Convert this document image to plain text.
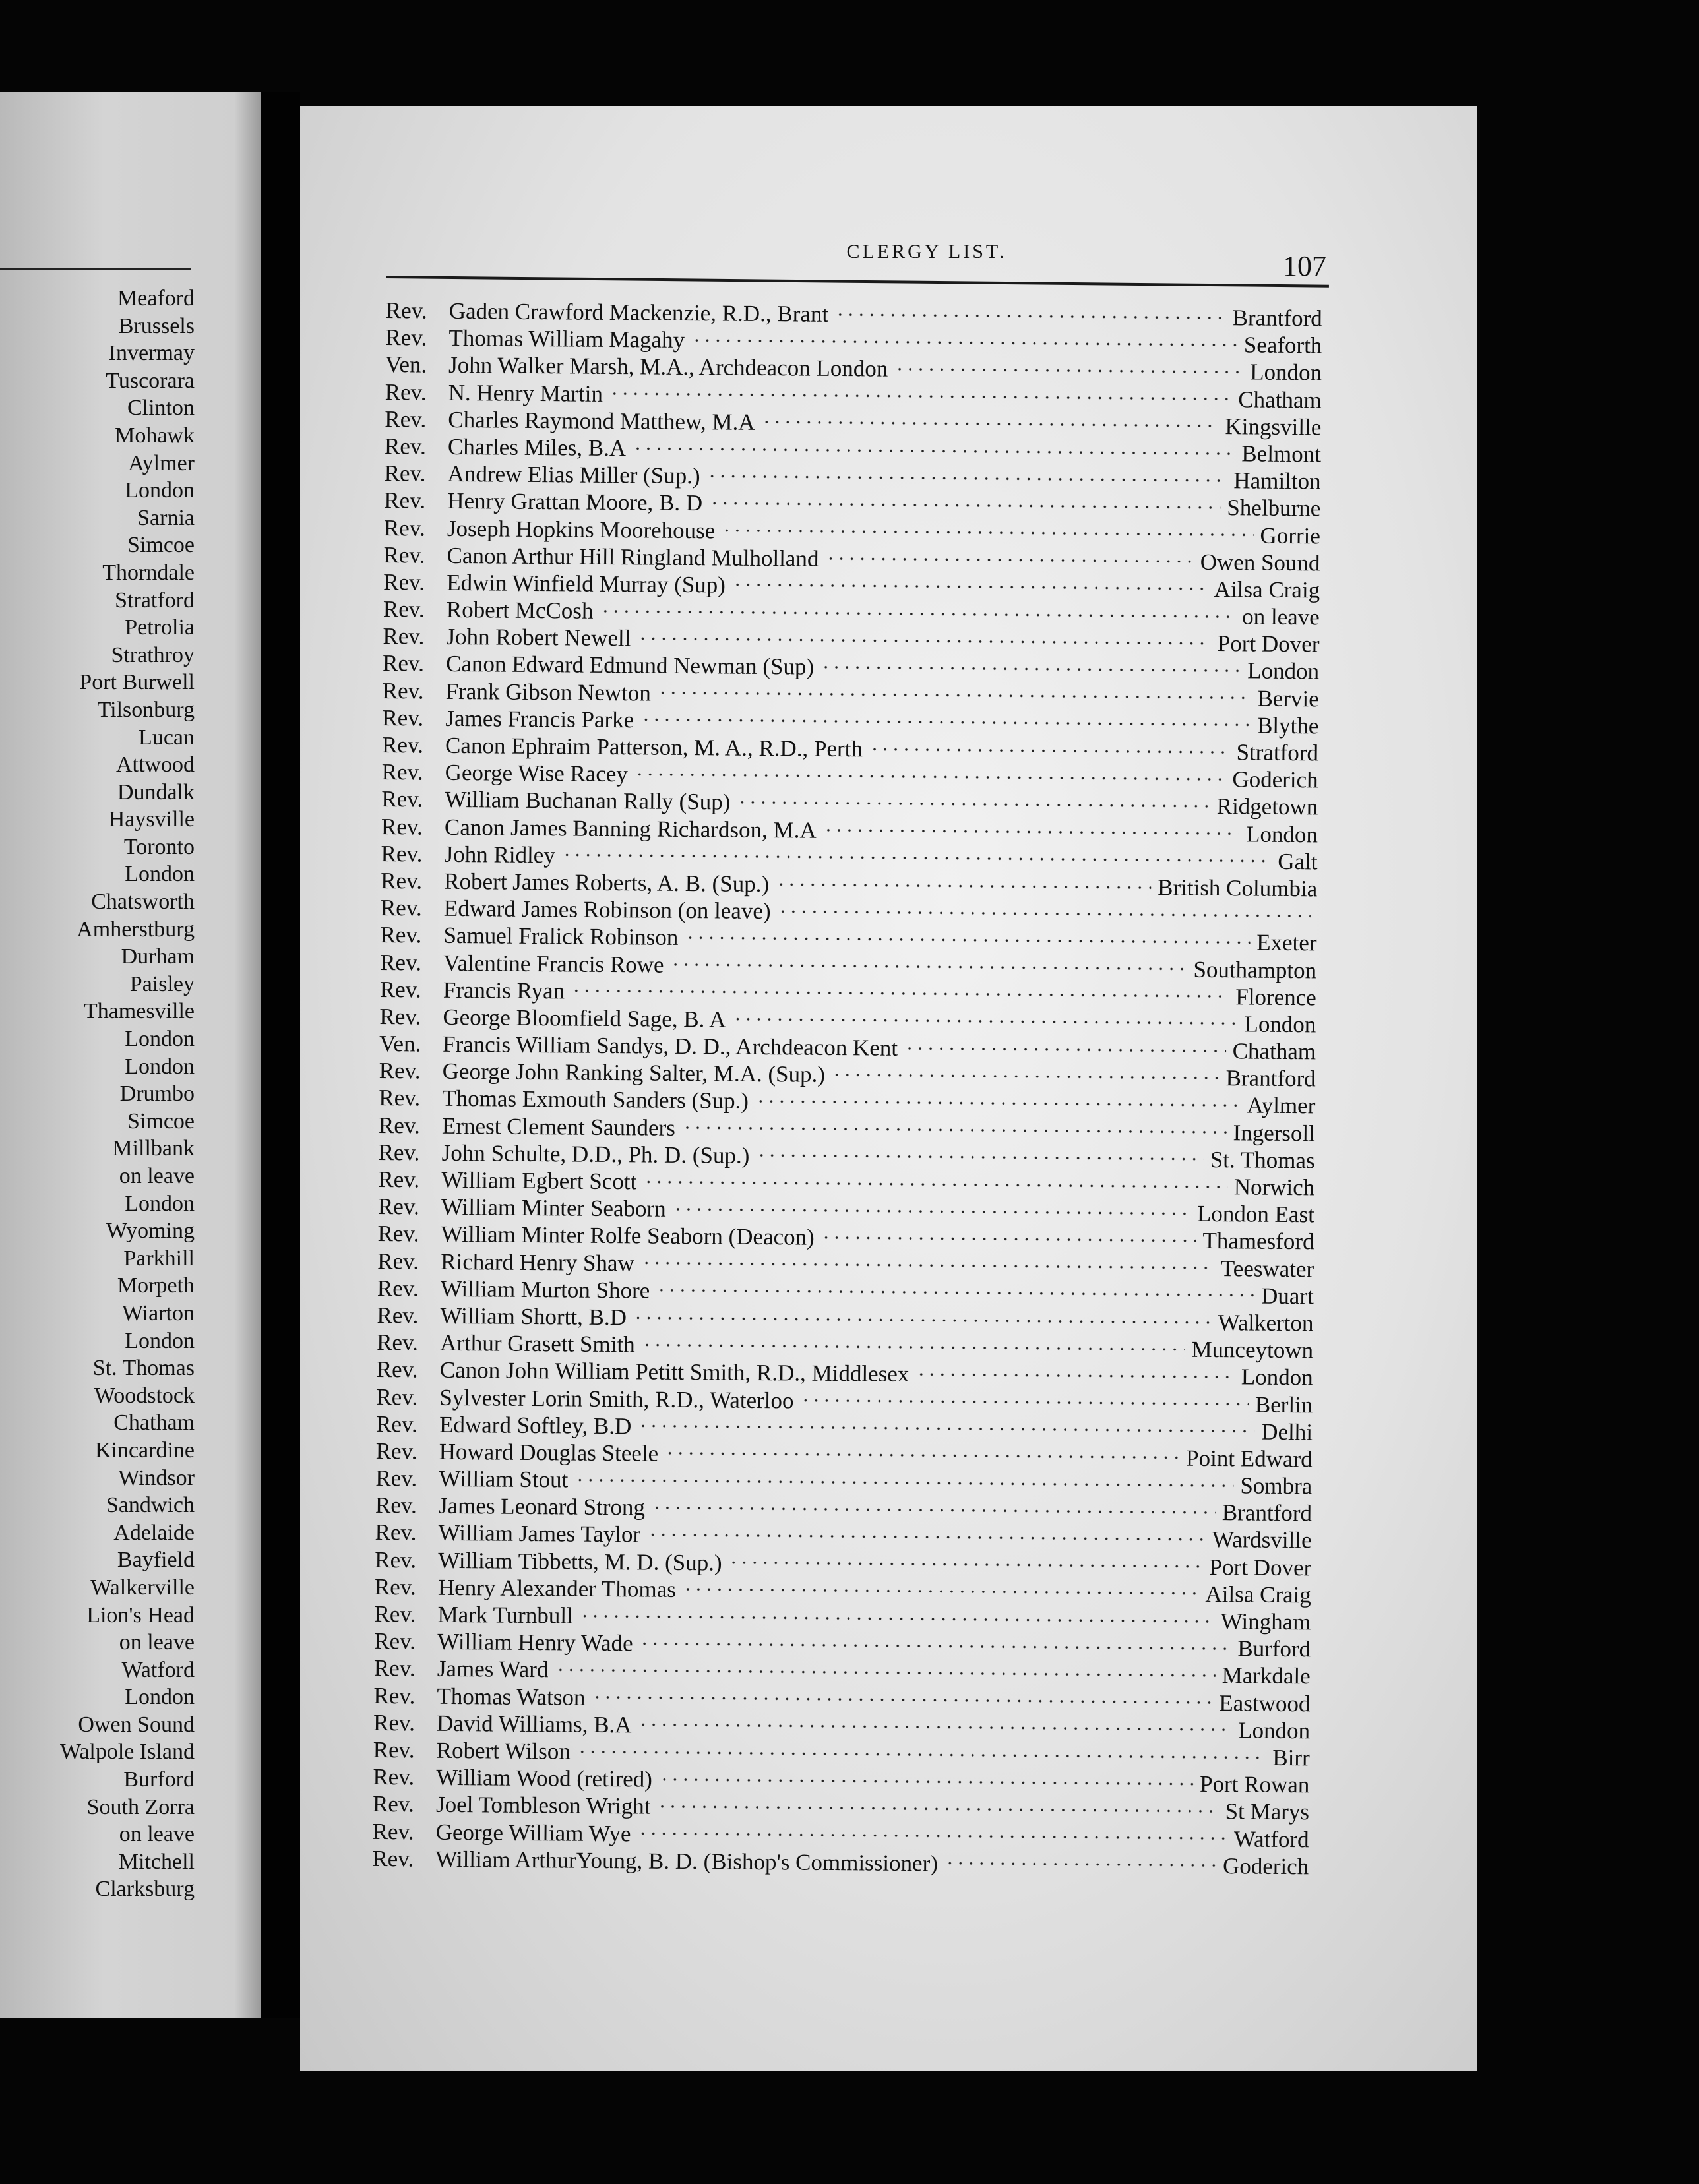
Meaford
Brussels
Invermay
Tuscorara
Clinton
Mohawk
Aylmer
London
Sarnia
Simcoe
Thorndale
Stratford
Petrolia
Strathroy
Port Burwell
Tilsonburg
Lucan
Attwood
Dundalk
Haysville
Toronto
London
Chatsworth
Amherstburg
Durham
Paisley
Thamesville
London
London
Drumbo
Simcoe
Millbank
on leave
London
Wyoming
Parkhill
Morpeth
Wiarton
London
St. Thomas
Woodstock
Chatham
Kincardine
Windsor
Sandwich
Adelaide
Bayfield
Walkerville
Lion's Head
on leave
Watford
London
Owen Sound
Walpole Island
Burford
South Zorra
on leave
Mitchell
Clarksburg
CLERGY LIST.	107
Rev. Gaden Crawford Mackenzie, R.D., Brant	Brantford
Rev. Thomas William Magahy	Seaforth
Ven. John Walker Marsh, M.A., Archdeacon London	London
Rev. N. Henry Martin	Chatham
Rev. Charles Raymond Matthew, M.A	Kingsville
Rev. Charles Miles, B.A	Belmont
Rev. Andrew Elias Miller (Sup.)	Hamilton
Rev. Henry Grattan Moore, B. D	Shelburne
Rev. Joseph Hopkins Moorehouse	Gorrie
Rev. Canon Arthur Hill Ringland Mulholland	Owen Sound
Rev. Edwin Winfield Murray (Sup)	Ailsa Craig
Rev. Robert McCosh	on leave
Rev. John Robert Newell	Port Dover
Rev. Canon Edward Edmund Newman (Sup)	London
Rev. Frank Gibson Newton	Bervie
Rev. James Francis Parke	Blythe
Rev. Canon Ephraim Patterson, M. A., R.D., Perth	Stratford
Rev. George Wise Racey	Goderich
Rev. William Buchanan Rally (Sup)	Ridgetown
Rev. Canon James Banning Richardson, M.A	London
Rev. John Ridley	Galt
Rev. Robert James Roberts, A. B. (Sup.)	British Columbia
Rev. Edward James Robinson (on leave)
Rev. Samuel Fralick Robinson	Exeter
Rev. Valentine Francis Rowe	Southampton
Rev. Francis Ryan	Florence
Rev. George Bloomfield Sage, B. A	London
Ven. Francis William Sandys, D. D., Archdeacon Kent	Chatham
Rev. George John Ranking Salter, M.A. (Sup.)	Brantford
Rev. Thomas Exmouth Sanders (Sup.)	Aylmer
Rev. Ernest Clement Saunders	Ingersoll
Rev. John Schulte, D.D., Ph. D. (Sup.)	St. Thomas
Rev. William Egbert Scott	Norwich
Rev. William Minter Seaborn	London East
Rev. William Minter Rolfe Seaborn (Deacon)	Thamesford
Rev. Richard Henry Shaw	Teeswater
Rev. William Murton Shore	Duart
Rev. William Shortt, B.D	Walkerton
Rev. Arthur Grasett Smith	Munceytown
Rev. Canon John William Petitt Smith, R.D., Middlesex	London
Rev. Sylvester Lorin Smith, R.D., Waterloo	Berlin
Rev. Edward Softley, B.D	Delhi
Rev. Howard Douglas Steele	Point Edward
Rev. William Stout	Sombra
Rev. James Leonard Strong	Brantford
Rev. William James Taylor	Wardsville
Rev. William Tibbetts, M. D. (Sup.)	Port Dover
Rev. Henry Alexander Thomas	Ailsa Craig
Rev. Mark Turnbull	Wingham
Rev. William Henry Wade	Burford
Rev. James Ward	Markdale
Rev. Thomas Watson	Eastwood
Rev. David Williams, B.A	London
Rev. Robert Wilson	Birr
Rev. William Wood (retired)	Port Rowan
Rev. Joel Tombleson Wright	St Marys
Rev. George William Wye	Watford
Rev. William ArthurYoung, B. D. (Bishop's Commissioner)	Goderich
